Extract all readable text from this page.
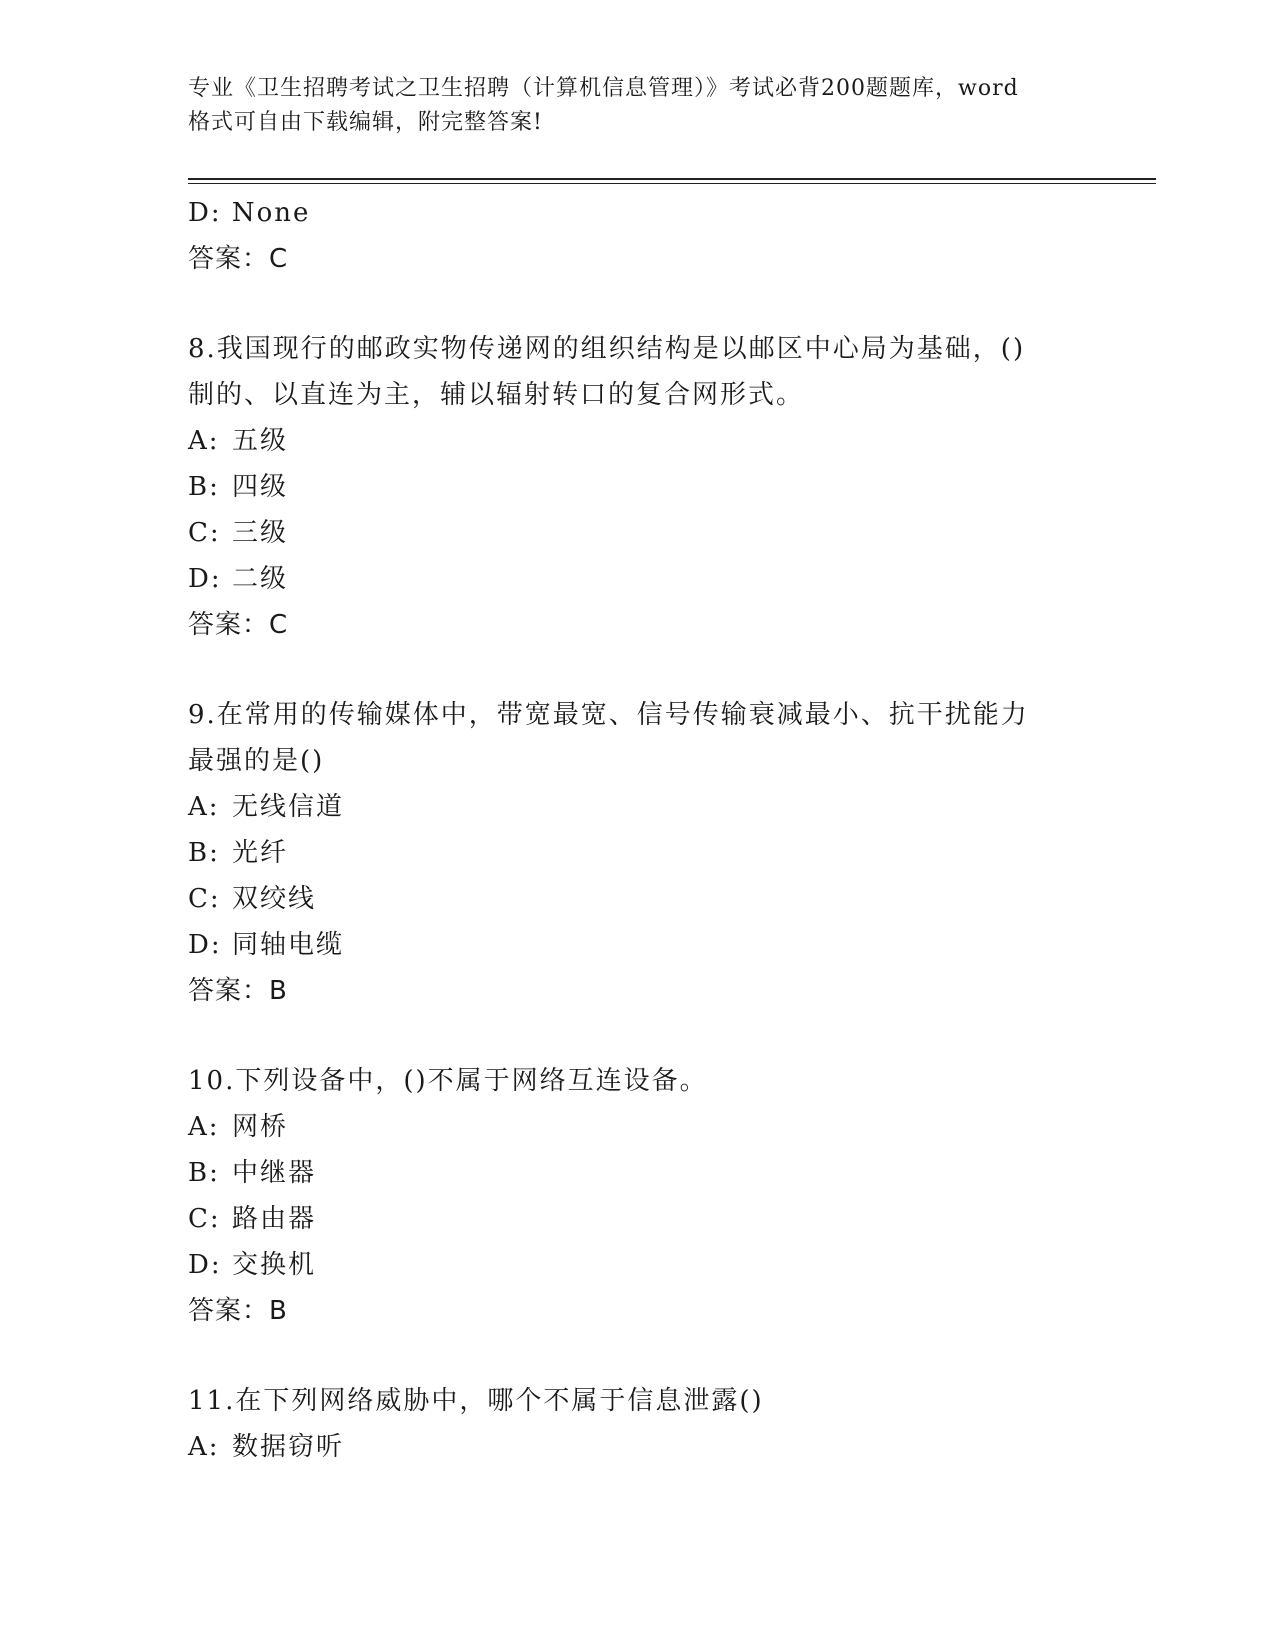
专业《卫生招聘考试之卫生招聘（计算机信息管理）》考试必背200题题库，word
格式可自由下载编辑，附完整答案!
D: None
答案：C
8.我国现行的邮政实物传递网的组织结构是以邮区中心局为基础，()
制的、以直连为主，辅以辐射转口的复合网形式。
A: 五级
B: 四级
C: 三级
D: 二级
答案：C
9.在常用的传输媒体中，带宽最宽、信号传输衰减最小、抗干扰能力
最强的是()
A: 无线信道
B: 光纤
C: 双绞线
D: 同轴电缆
答案：B
10.下列设备中，()不属于网络互连设备。
A: 网桥
B: 中继器
C: 路由器
D: 交换机
答案：B
11.在下列网络威胁中，哪个不属于信息泄露()
A: 数据窃听
